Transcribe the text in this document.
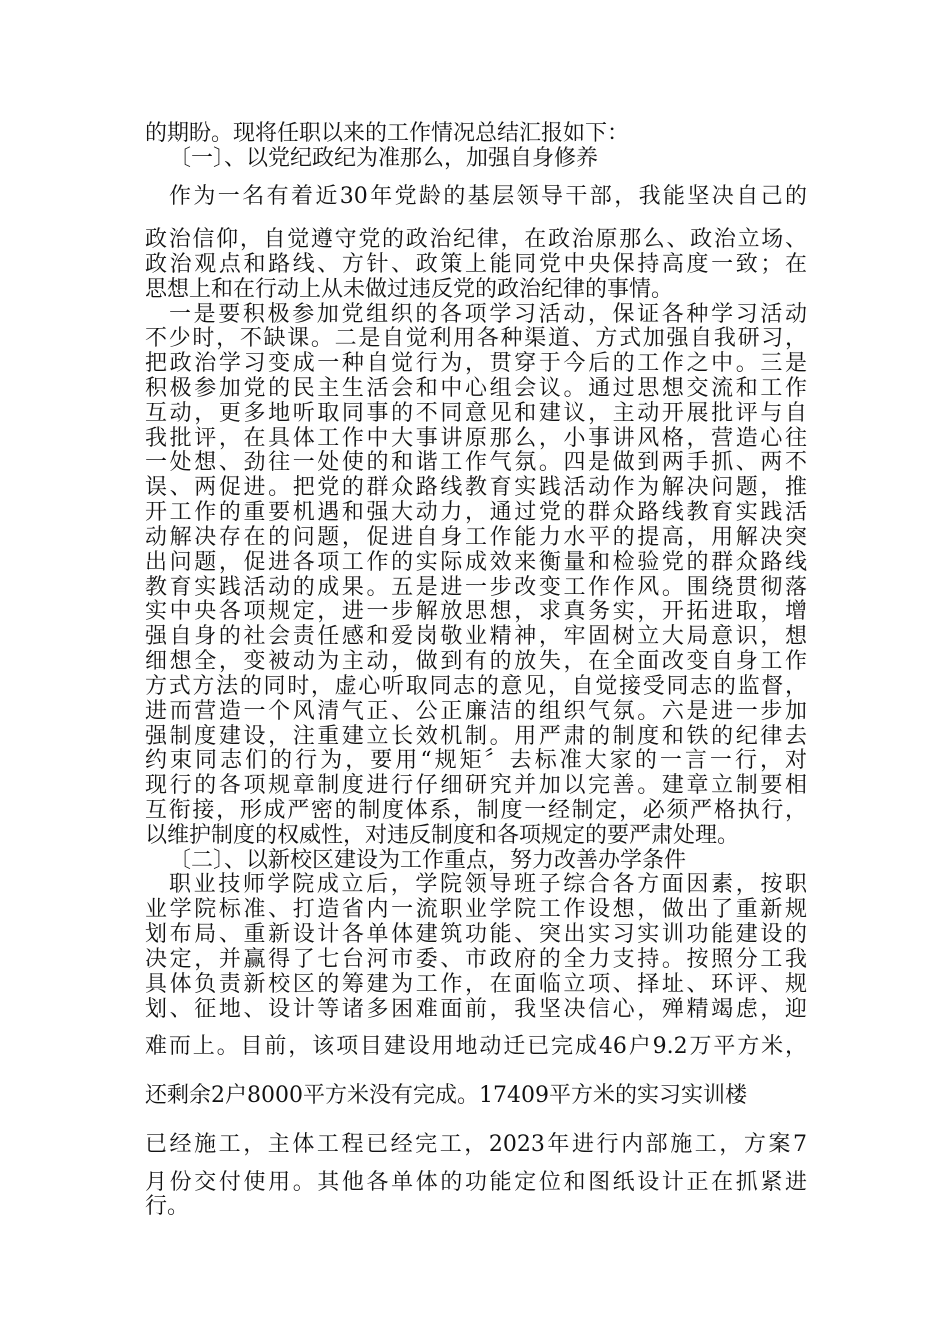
的期盼。现将任职以来的工作情况总结汇报如下：
〔一〕、以党纪政纪为准那么，加强自身修养
作为一名有着近30年党龄的基层领导干部，我能坚决自己的
政治信仰，自觉遵守党的政治纪律，在政治原那么、政治立场、
政治观点和路线、方针、政策上能同党中央保持高度一致；在
思想上和在行动上从未做过违反党的政治纪律的事情。
一是要积极参加党组织的各项学习活动，保证各种学习活动
不少时，不缺课。二是自觉利用各种渠道、方式加强自我研习，
把政治学习变成一种自觉行为，贯穿于今后的工作之中。三是
积极参加党的民主生活会和中心组会议。通过思想交流和工作
互动，更多地听取同事的不同意见和建议，主动开展批评与自
我批评，在具体工作中大事讲原那么，小事讲风格，营造心往
一处想、劲往一处使的和谐工作气氛。四是做到两手抓、两不
误、两促进。把党的群众路线教育实践活动作为解决问题，推
开工作的重要机遇和强大动力，通过党的群众路线教育实践活
动解决存在的问题，促进自身工作能力水平的提高，用解决突
出问题，促进各项工作的实际成效来衡量和检验党的群众路线
教育实践活动的成果。五是进一步改变工作作风。围绕贯彻落
实中央各项规定，进一步解放思想，求真务实，开拓进取，增
强自身的社会责任感和爱岗敬业精神，牢固树立大局意识，想
细想全，变被动为主动，做到有的放失，在全面改变自身工作
方式方法的同时，虚心听取同志的意见，自觉接受同志的监督，
进而营造一个风清气正、公正廉洁的组织气氛。六是进一步加
强制度建设，注重建立长效机制。用严肃的制度和铁的纪律去
约束同志们的行为，要用“规矩〞去标准大家的一言一行，对
现行的各项规章制度进行仔细研究并加以完善。建章立制要相
互衔接，形成严密的制度体系，制度一经制定，必须严格执行，
以维护制度的权威性，对违反制度和各项规定的要严肃处理。
〔二〕、以新校区建设为工作重点，努力改善办学条件
职业技师学院成立后，学院领导班子综合各方面因素，按职
业学院标准、打造省内一流职业学院工作设想，做出了重新规
划布局、重新设计各单体建筑功能、突出实习实训功能建设的
决定，并赢得了七台河市委、市政府的全力支持。按照分工我
具体负责新校区的筹建为工作，在面临立项、择址、环评、规
划、征地、设计等诸多困难面前，我坚决信心，殚精竭虑，迎
难而上。目前，该项目建设用地动迁已完成46户9.2万平方米，
还剩余2户8000平方米没有完成。17409平方米的实习实训楼
已经施工，主体工程已经完工，2023年进行内部施工，方案7
月份交付使用。其他各单体的功能定位和图纸设计正在抓紧进
行。
